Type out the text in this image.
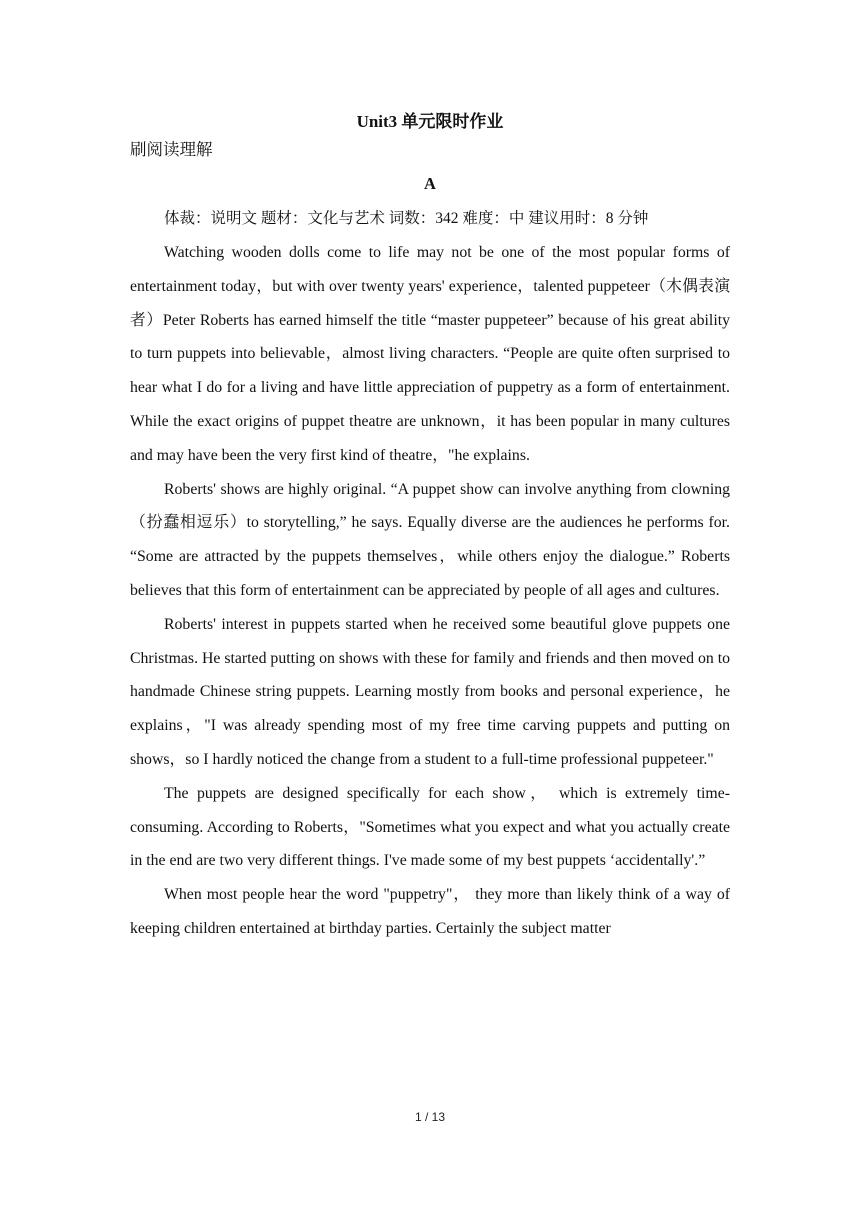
Unit3 单元限时作业
刷阅读理解
A
体裁：说明文 题材：文化与艺术 词数：342 难度：中 建议用时：8 分钟

Watching wooden dolls come to life may not be one of the most popular forms of entertainment today，but with over twenty years' experience，talented puppeteer（木偶表演者）Peter Roberts has earned himself the title “master puppeteer” because of his great ability to turn puppets into believable，almost living characters. “People are quite often surprised to hear what I do for a living and have little appreciation of puppetry as a form of entertainment. While the exact origins of puppet theatre are unknown，it has been popular in many cultures and may have been the very first kind of theatre，"he explains.

Roberts' shows are highly original. “A puppet show can involve anything from clowning（扮蠢相逗乐）to storytelling,” he says. Equally diverse are the audiences he performs for. “Some are attracted by the puppets themselves，while others enjoy the dialogue.” Roberts believes that this form of entertainment can be appreciated by people of all ages and cultures.

Roberts' interest in puppets started when he received some beautiful glove puppets one Christmas. He started putting on shows with these for family and friends and then moved on to handmade Chinese string puppets. Learning mostly from books and personal experience，he explains，"I was already spending most of my free time carving puppets and putting on shows，so I hardly noticed the change from a student to a full-time professional puppeteer."

The puppets are designed specifically for each show， which is extremely time-consuming. According to Roberts，"Sometimes what you expect and what you actually create in the end are two very different things. I've made some of my best puppets ‘accidentally'.”

When most people hear the word "puppetry"， they more than likely think of a way of keeping children entertained at birthday parties. Certainly the subject matter

1 / 13
